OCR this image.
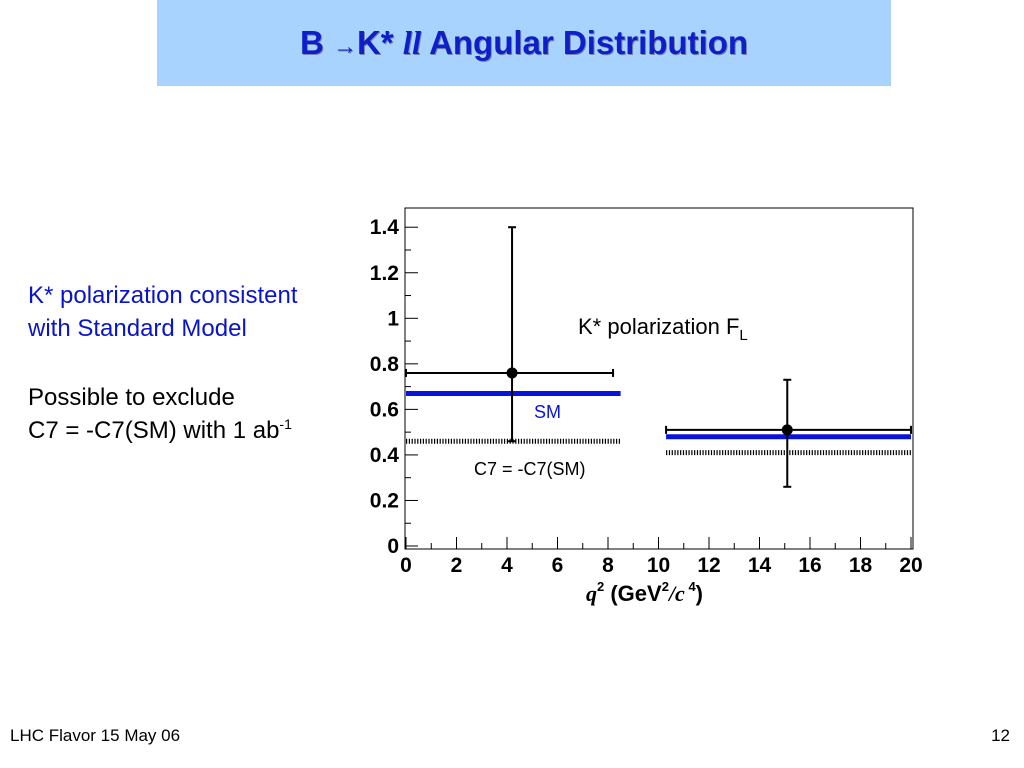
B →K* ll Angular Distribution
K* polarization consistent
with Standard Model
Possible to exclude
C7 = -C7(SM) with 1 $ab^{-1}$
0 2 4 6 8 10 12 14 16 18 20
0
0.2
0.4
0.6
0.8
1
1.2
1.4
K* polarization $F_L$
SM
C7 = -C7(SM)
$q^2$ (GeV$^2$/c $^4$)
LHC Flavor 15 May 06	12
